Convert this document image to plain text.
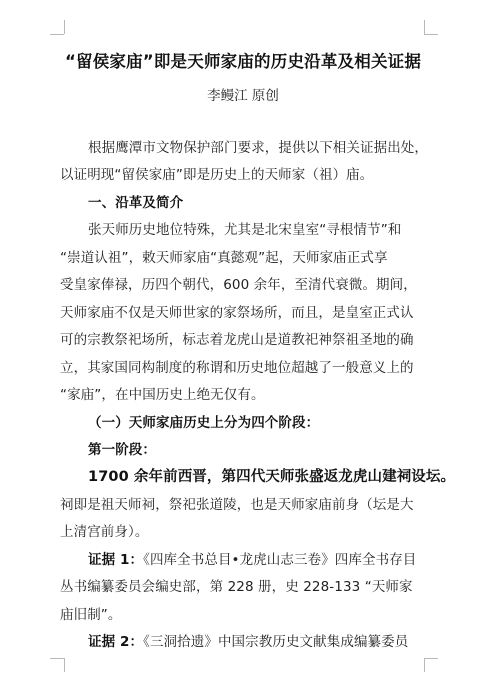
“留侯家庙”即是天师家庙的历史沿革及相关证据
李鳗江 原创
根据鹰潭市文物保护部门要求，提供以下相关证据出处，
以证明现“留侯家庙”即是历史上的天师家（祖）庙。
一、沿革及简介
张天师历史地位特殊，尤其是北宋皇室“寻根情节”和
“崇道认祖”，敕天师家庙“真懿观”起，天师家庙正式享
受皇家俸禄，历四个朝代，600 余年，至清代衰微。期间，
天师家庙不仅是天师世家的家祭场所，而且，是皇室正式认
可的宗教祭祀场所，标志着龙虎山是道教祀神祭祖圣地的确
立，其家国同构制度的称谓和历史地位超越了一般意义上的
“家庙”，在中国历史上绝无仅有。
（一）天师家庙历史上分为四个阶段：
第一阶段：
1700 余年前西晋，第四代天师张盛返龙虎山建祠设坛。
祠即是祖天师祠，祭祀张道陵，也是天师家庙前身（坛是大
上清宫前身）。
证据 1：《四库全书总目•龙虎山志三卷》四库全书存目
丛书编纂委员会编史部，第 228 册，史 228-133 “天师家
庙旧制”。
证据 2：《三洞拾遗》中国宗教历史文献集成编纂委员
